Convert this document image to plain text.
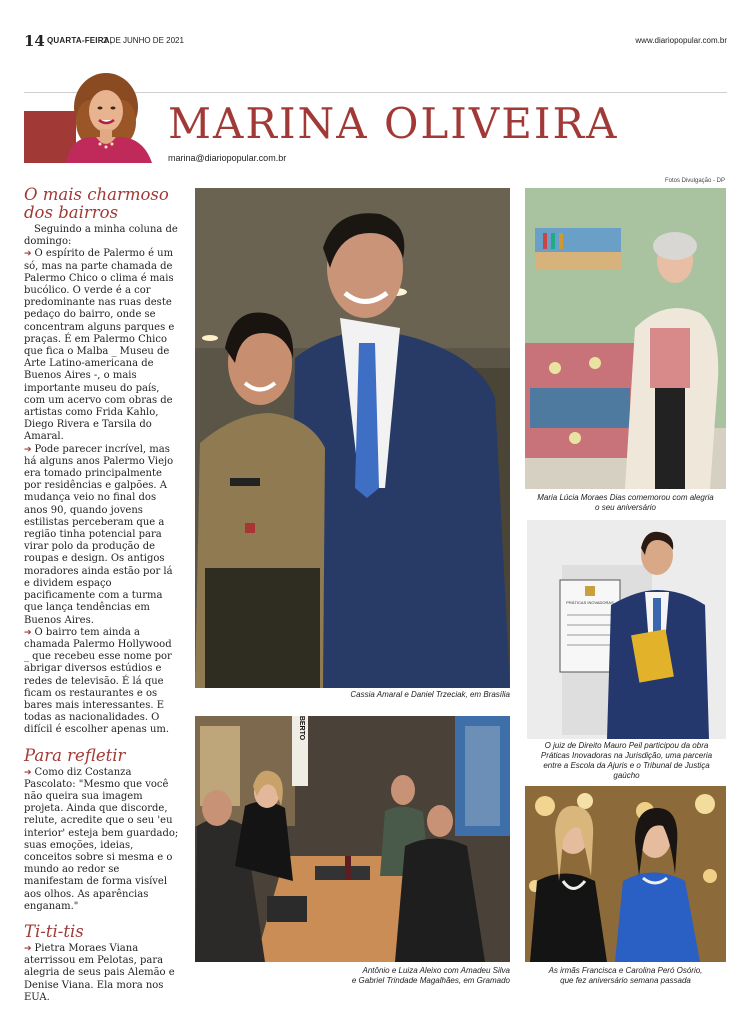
14 QUARTA-FEIRA,
2 DE JUNHO DE 2021	www.diariopopular.com.br
MARINA OLIVEIRA
marina@diariopopular.com.br
Fotos Divulgação - DP
O mais charmoso
dos bairros

Seguindo a minha coluna de domingo:

➔ O espírito de Palermo é um só, mas na parte chamada de Palermo Chico o clima é mais bucólico. O verde é a cor predominante nas ruas deste pedaço do bairro, onde se concentram alguns parques e praças. É em Palermo Chico que fica o Malba _ Museu de Arte Latino-americana de Buenos Aires -, o mais importante museu do país, com um acervo com obras de artistas como Frida Kahlo, Diego Rivera e Tarsila do Amaral.

➔ Pode parecer incrível, mas há alguns anos Palermo Viejo era tomado principalmente por residências e galpões. A mudança veio no final dos anos 90, quando jovens estilistas perceberam que a região tinha potencial para virar polo da produção de roupas e design. Os antigos moradores ainda estão por lá e dividem espaço pacificamente com a turma que lança tendências em Buenos Aires.

➔ O bairro tem ainda a chamada Palermo Hollywood _ que recebeu esse nome por abrigar diversos estúdios e redes de televisão. É lá que ficam os restaurantes e os bares mais interessantes. E todas as nacionalidades. O difícil é escolher apenas um.

Para refletir

➔ Como diz Costanza Pascolato: "Mesmo que você não queira sua imagem projeta. Ainda que discorde, relute, acredite que o seu 'eu interior' esteja bem guardado; suas emoções, ideias, conceitos sobre si mesma e o mundo ao redor se manifestam de forma visível aos olhos. As aparências enganam."

Ti-ti-tis

➔ Pietra Moraes Viana aterrissou em Pelotas, para alegria de seus pais Alemão e Denise Viana. Ela mora nos EUA.

Cassia Amaral e Daniel Trzeciak, em Brasília
Maria Lúcia Moraes Dias comemorou com alegria
o seu aniversário
PRÁTICAS INOVADORAS
O juiz de Direito Mauro Peil participou da obra
Práticas Inovadoras na Jurisdição, uma parceria
entre a Escola da Ajuris e o Tribunal de Justiça
gaúcho
BERTO
Antônio e Luiza Aleixo com Amadeu Silva
e Gabriel Trindade Magalhães, em Gramado
As irmãs Francisca e Carolina Peró Osório,
que fez aniversário semana passada
